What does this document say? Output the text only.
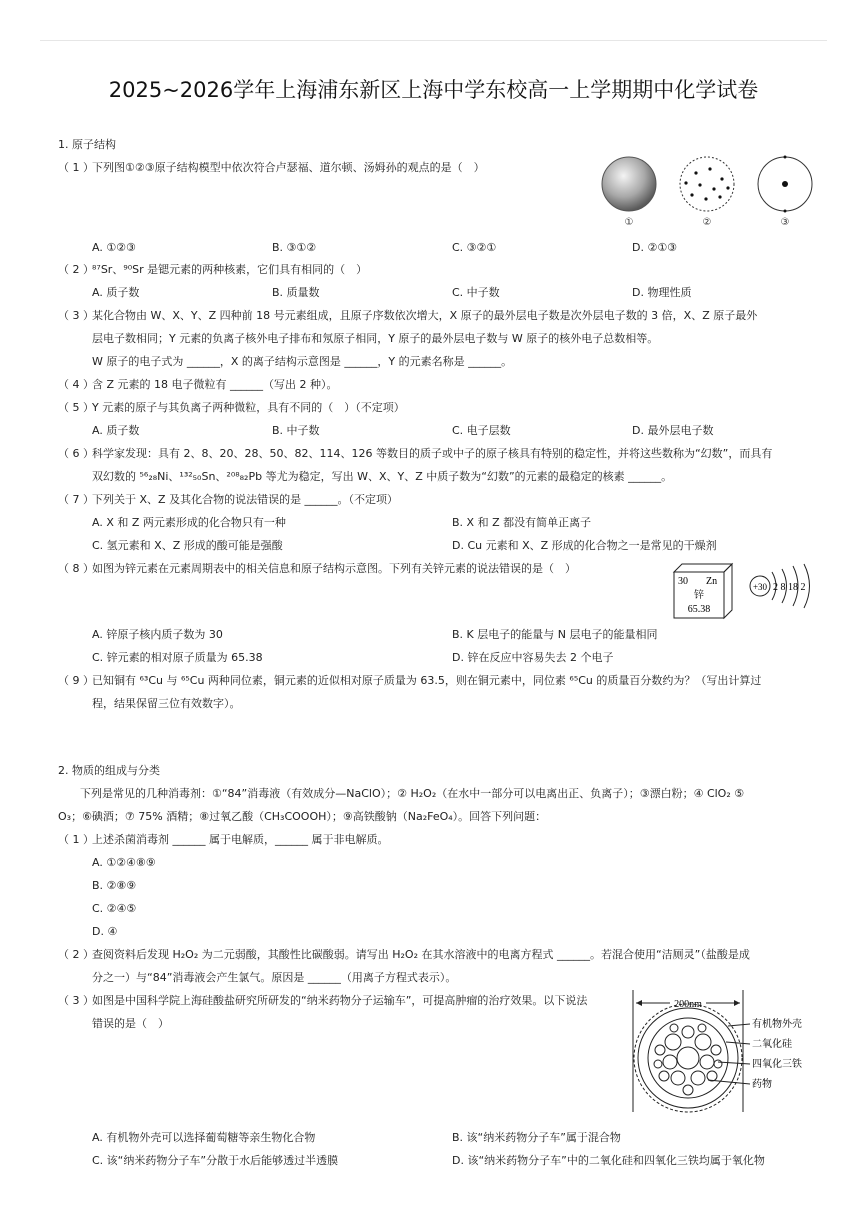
2025~2026学年上海浦东新区上海中学东校高一上学期期中化学试卷
1. 原子结构
（ 1 ）
下列图①②③原子结构模型中依次符合卢瑟福、道尔顿、汤姆孙的观点的是（　）
①	②	③
A. ①②③	B. ③①②	C. ③②①	D. ②①③
（ 2 ）
⁸⁷Sr、⁹⁰Sr 是锶元素的两种核素，它们具有相同的（　）
A. 质子数	B. 质量数	C. 中子数	D. 物理性质
（ 3 ）
某化合物由 W、X、Y、Z 四种前 18 号元素组成，且原子序数依次增大，X 原子的最外层电子数是次外层电子数的 3 倍，X、Z 原子最外
层电子数相同；Y 元素的负离子核外电子排布和氖原子相同，Y 原子的最外层电子数与 W 原子的核外电子总数相等。
W 原子的电子式为 ______，X 的离子结构示意图是 ______，Y 的元素名称是 ______。
（ 4 ）
含 Z 元素的 18 电子微粒有 ______（写出 2 种）。
（ 5 ）
Y 元素的原子与其负离子两种微粒，具有不同的（　）（不定项）
A. 质子数	B. 中子数	C. 电子层数	D. 最外层电子数
（ 6 ）
科学家发现：具有 2、8、20、28、50、82、114、126 等数目的质子或中子的原子核具有特别的稳定性，并将这些数称为“幻数”，而具有
双幻数的 ⁵⁶₂₈Ni、¹³²₅₀Sn、²⁰⁸₈₂Pb 等尤为稳定，写出 W、X、Y、Z 中质子数为“幻数”的元素的最稳定的核素 ______。
（ 7 ）
下列关于 X、Z 及其化合物的说法错误的是 ______。（不定项）
A. X 和 Z 两元素形成的化合物只有一种	B. X 和 Z 都没有简单正离子
C. 氢元素和 X、Z 形成的酸可能是强酸	D. Cu 元素和 X、Z 形成的化合物之一是常见的干燥剂
（ 8 ）
如图为锌元素在元素周期表中的相关信息和原子结构示意图。下列有关锌元素的说法错误的是（　）
30 Zn
锌
65.38
+30 2 8 18 2
A. 锌原子核内质子数为 30	B. K 层电子的能量与 N 层电子的能量相同
C. 锌元素的相对原子质量为 65.38	D. 锌在反应中容易失去 2 个电子
（ 9 ）
已知铜有 ⁶³Cu 与 ⁶⁵Cu 两种同位素，铜元素的近似相对原子质量为 63.5，则在铜元素中，同位素 ⁶⁵Cu 的质量百分数约为？（写出计算过
程，结果保留三位有效数字）。
2. 物质的组成与分类
下列是常见的几种消毒剂：①“84”消毒液（有效成分—NaClO）；② H₂O₂（在水中一部分可以电离出正、负离子）；③漂白粉；④ ClO₂ ⑤
O₃；⑥碘酒；⑦ 75% 酒精；⑧过氧乙酸（CH₃COOOH）；⑨高铁酸钠（Na₂FeO₄）。回答下列问题：
（ 1 ）
上述杀菌消毒剂 ______ 属于电解质，______ 属于非电解质。
A. ①②④⑧⑨
B. ②⑧⑨
C. ②④⑤
D. ④
（ 2 ）
查阅资料后发现 H₂O₂ 为二元弱酸，其酸性比碳酸弱。请写出 H₂O₂ 在其水溶液中的电离方程式 ______。若混合使用“洁厕灵”（盐酸是成
分之一）与“84”消毒液会产生氯气。原因是 ______（用离子方程式表示）。
（ 3 ）
如图是中国科学院上海硅酸盐研究所研发的“纳米药物分子运输车”，可提高肿瘤的治疗效果。以下说法
错误的是（　）
200nm
有机物外壳
二氧化硅
四氧化三铁
药物
A. 有机物外壳可以选择葡萄糖等亲生物化合物	B. 该“纳米药物分子车”属于混合物
C. 该“纳米药物分子车”分散于水后能够透过半透膜	D. 该“纳米药物分子车”中的二氧化硅和四氧化三铁均属于氧化物
